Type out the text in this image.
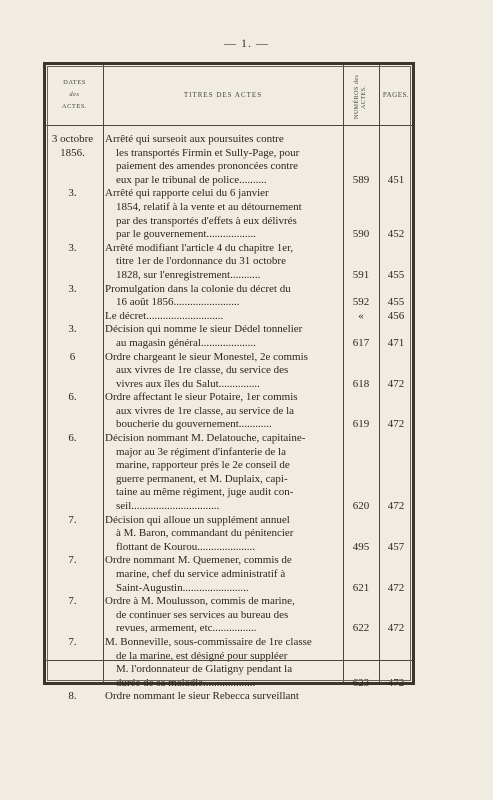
— 1. —
DATES
des
ACTES.
TITRES DES ACTES	NUMÉROS des ACTES.	PAGES.
3 octobre 1856.
Arrêté qui surseoit aux poursuites contre
les transportés Firmin et Sully-Page, pour
paiement des amendes prononcées contre
eux par le tribunal de police..........	589	451
3.	Arrêté qui rapporte celui du 6 janvier
1854, relatif à la vente et au détournement
par des transportés d'effets à eux délivrés
par le gouvernement..................	590	452
3.	Arrêté modifiant l'article 4 du chapitre 1er,
titre 1er de l'ordonnance du 31 octobre
1828, sur l'enregistrement...........	591	455
3.	Promulgation dans la colonie du décret du
16 août 1856........................	592	455
Le décret............................	«	456
3.	Décision qui nomme le sieur Dédel tonnelier
au magasin général....................	617	471
6	Ordre chargeant le sieur Monestel, 2e commis
aux vivres de 1re classe, du service des
vivres aux îles du Salut...............	618	472
6.	Ordre affectant le sieur Potaire, 1er commis
aux vivres de 1re classe, au service de la
boucherie du gouvernement............	619	472
6.	Décision nommant M. Delatouche, capitaine-
major au 3e régiment d'infanterie de la
marine, rapporteur près le 2e conseil de
guerre permanent, et M. Duplaix, capi-
taine au même régiment, juge audit con-
seil................................	620	472
7.	Décision qui alloue un supplément annuel
à M. Baron, commandant du pénitencier
flottant de Kourou.....................	495	457
7.	Ordre nommant M. Quemener, commis de
marine, chef du service administratif à
Saint-Augustin........................	621	472
7.	Ordre à M. Moulusson, commis de marine,
de continuer ses services au bureau des
revues, armement, etc................	622	472
7.	M. Bonneville, sous-commissaire de 1re classe
de la marine, est désigné pour suppléer
M. l'ordonnateur de Glatigny pendant la
durée de sa maladie...................	623	472
8.	Ordre nommant le sieur Rebecca surveillant
